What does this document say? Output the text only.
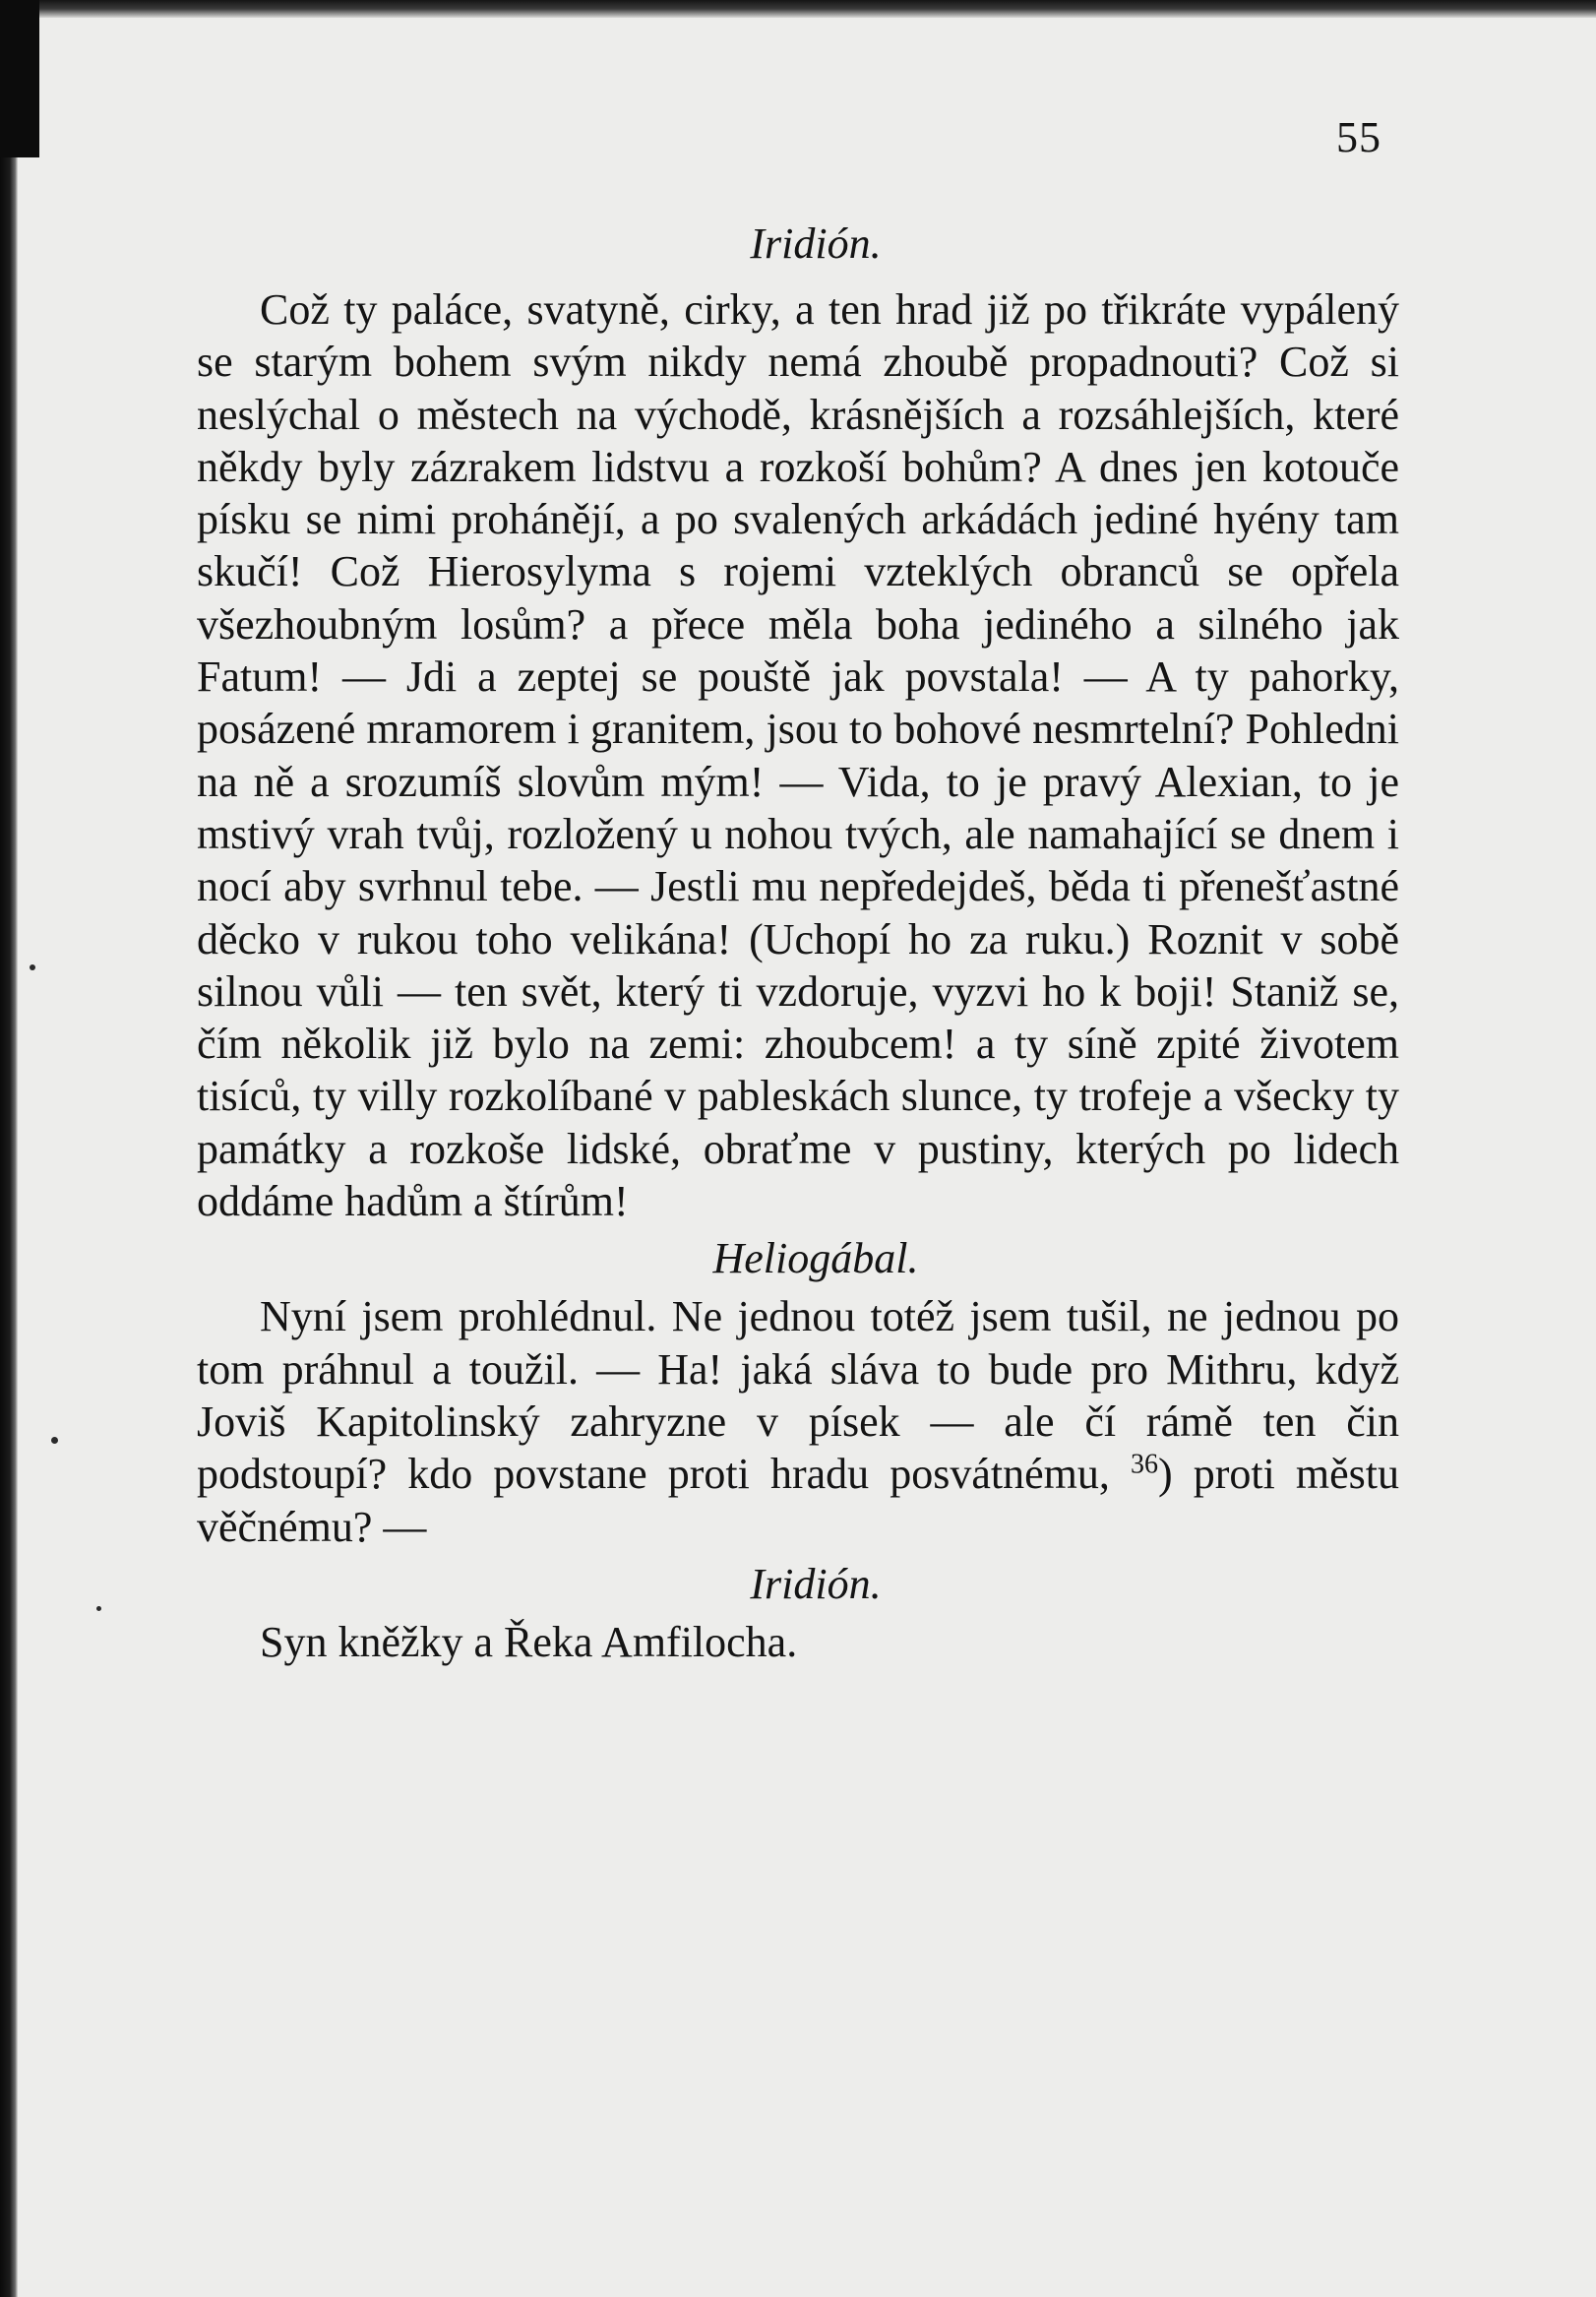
55

Iridión.

Což ty paláce, svatyně, cirky, a ten hrad již po třikráte vypálený se starým bohem svým nikdy nemá zhoubě propadnouti? Což si neslýchal o městech na východě, krásnějších a rozsáhlejších, které někdy byly zázrakem lidstvu a rozkoší bohům? A dnes jen kotouče písku se nimi prohánějí, a po svalených arkádách jediné hyény tam skučí! Což Hierosylyma s rojemi vzteklých obranců se opřela všezhoubným losům? a přece měla boha jediného a silného jak Fatum! — Jdi a zeptej se pouště jak povstala! — A ty pahorky, posázené mramorem i granitem, jsou to bohové nesmrtelní? Pohledni na ně a srozumíš slovům mým! — Vida, to je pravý Alexian, to je mstivý vrah tvůj, rozložený u nohou tvých, ale namahající se dnem i nocí aby svrhnul tebe. — Jestli mu nepředejdeš, běda ti přenešťastné děcko v rukou toho velikána! (Uchopí ho za ruku.) Roznit v sobě silnou vůli — ten svět, který ti vzdoruje, vyzvi ho k boji! Staniž se, čím několik již bylo na zemi: zhoubcem! a ty síně zpité životem tisíců, ty villy rozkolíbané v pableskách slunce, ty trofeje a všecky ty památky a rozkoše lidské, obraťme v pustiny, kterých po lidech oddáme hadům a štírům!

Heliogábal.

Nyní jsem prohlédnul. Ne jednou totéž jsem tušil, ne jednou po tom práhnul a toužil. — Ha! jaká sláva to bude pro Mithru, když Joviš Kapitolinský zahryzne v písek — ale čí rámě ten čin podstoupí? kdo povstane proti hradu posvátnému, $^{36}$) proti městu věčnému? —

Iridión.

Syn kněžky a Řeka Amfilocha.
